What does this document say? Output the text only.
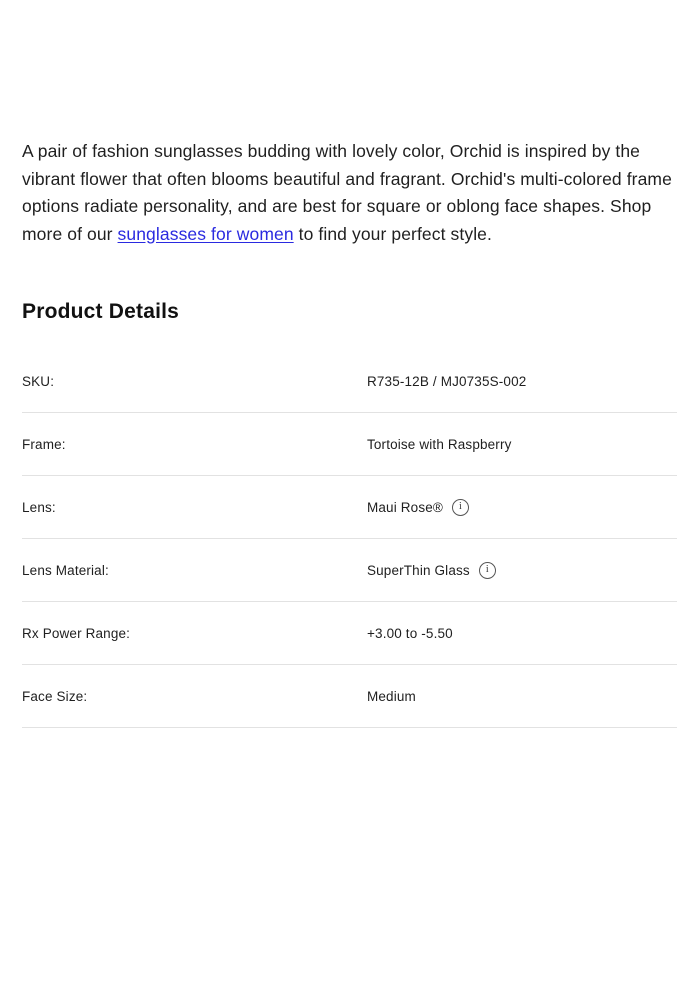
A pair of fashion sunglasses budding with lovely color, Orchid is inspired by the vibrant flower that often blooms beautiful and fragrant. Orchid's multi-colored frame options radiate personality, and are best for square or oblong face shapes. Shop more of our sunglasses for women to find your perfect style.

Product Details
SKU:	R735-12B / MJ0735S-002

Frame:	Tortoise with Raspberry

Lens:	Maui Rose® i

Lens Material:	SuperThin Glass i

Rx Power Range:	+3.00 to -5.50

Face Size:	Medium
